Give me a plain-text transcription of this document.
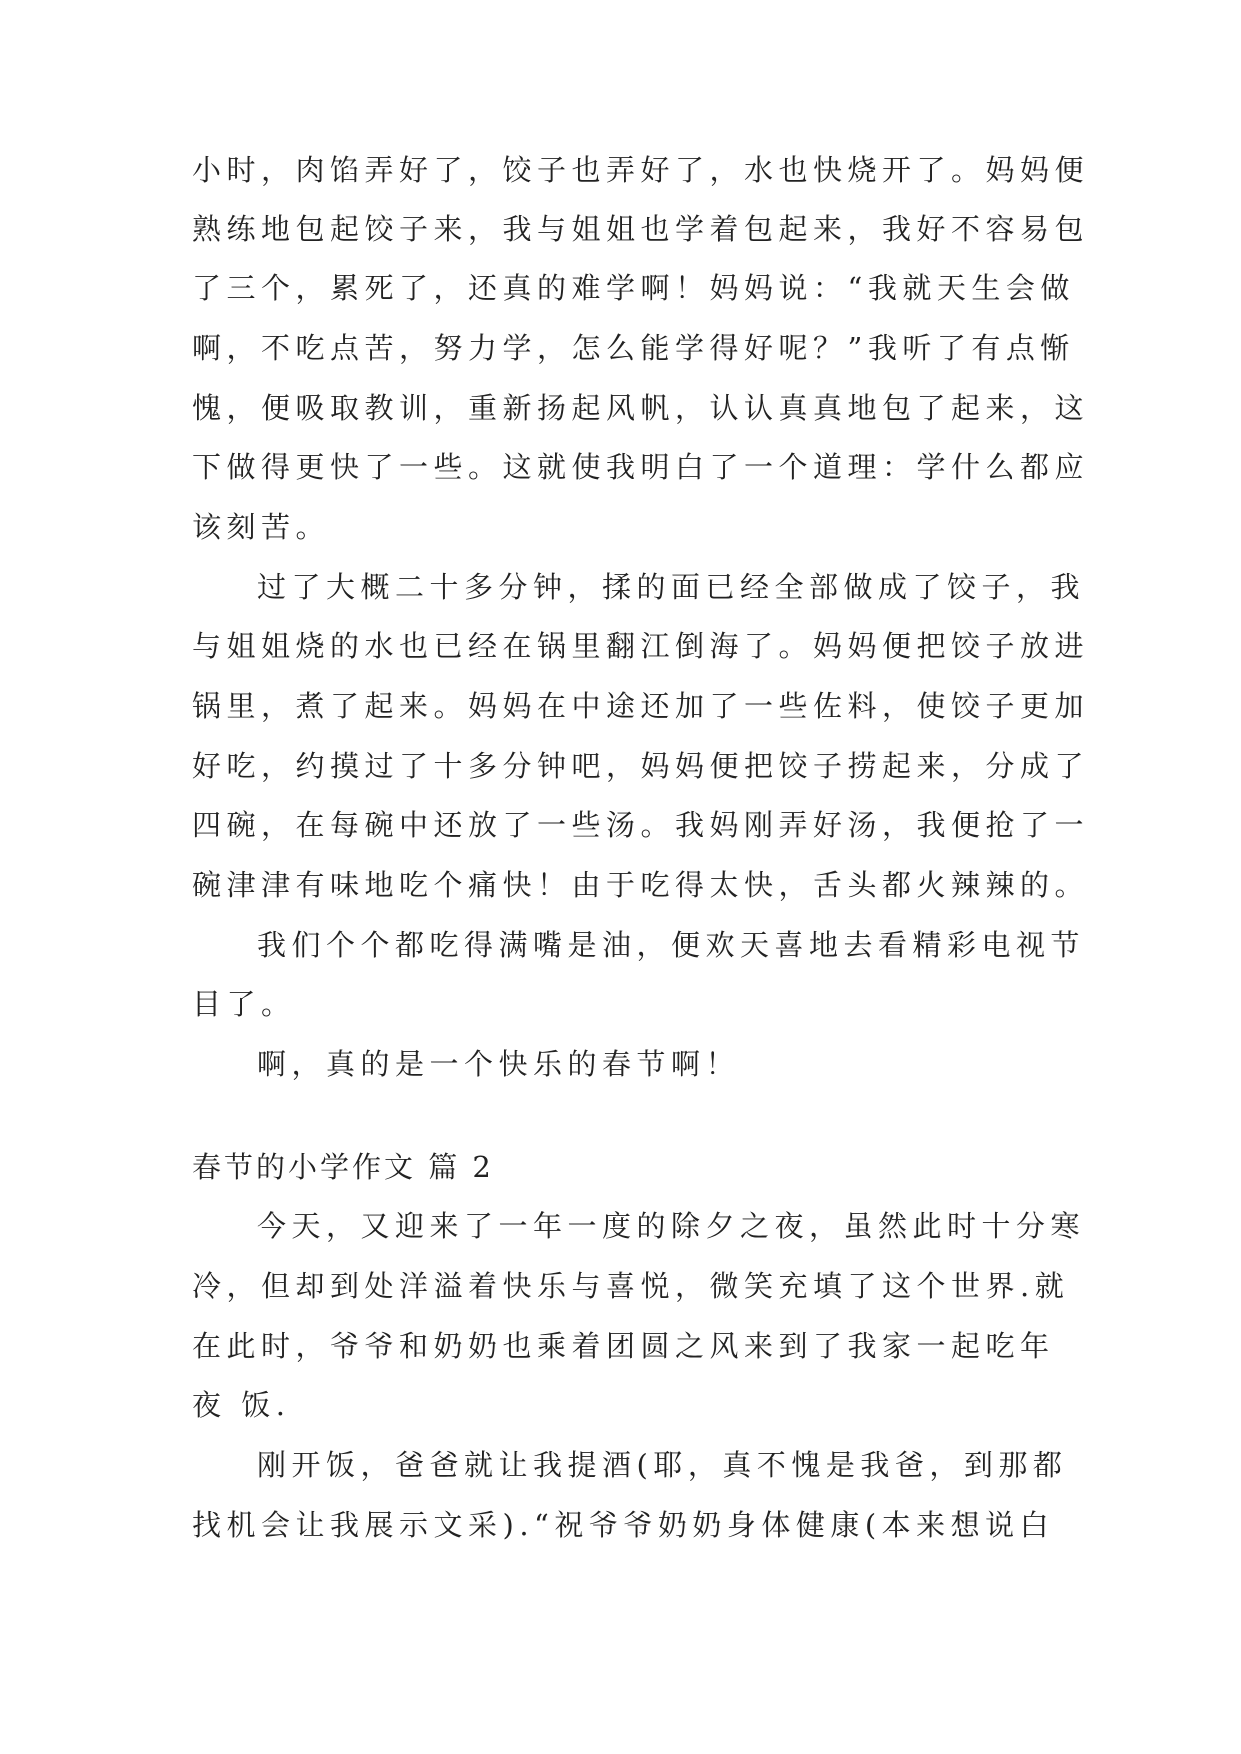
小时，肉馅弄好了，饺子也弄好了，水也快烧开了。妈妈便
熟练地包起饺子来，我与姐姐也学着包起来，我好不容易包
了三个，累死了，还真的难学啊！妈妈说：“我就天生会做
啊，不吃点苦，努力学，怎么能学得好呢？”我听了有点惭
愧，便吸取教训，重新扬起风帆，认认真真地包了起来，这
下做得更快了一些。这就使我明白了一个道理：学什么都应
该刻苦。
过了大概二十多分钟，揉的面已经全部做成了饺子，我
与姐姐烧的水也已经在锅里翻江倒海了。妈妈便把饺子放进
锅里，煮了起来。妈妈在中途还加了一些佐料，使饺子更加
好吃，约摸过了十多分钟吧，妈妈便把饺子捞起来，分成了
四碗，在每碗中还放了一些汤。我妈刚弄好汤，我便抢了一
碗津津有味地吃个痛快！由于吃得太快，舌头都火辣辣的。
我们个个都吃得满嘴是油，便欢天喜地去看精彩电视节
目了。
啊，真的是一个快乐的春节啊！
春节的小学作文 篇 2
今天，又迎来了一年一度的除夕之夜，虽然此时十分寒
冷，但却到处洋溢着快乐与喜悦，微笑充填了这个世界.就
在此时，爷爷和奶奶也乘着团圆之风来到了我家一起吃年
夜 饭.
刚开饭，爸爸就让我提酒(耶，真不愧是我爸，到那都
找机会让我展示文采).“祝爷爷奶奶身体健康(本来想说白
